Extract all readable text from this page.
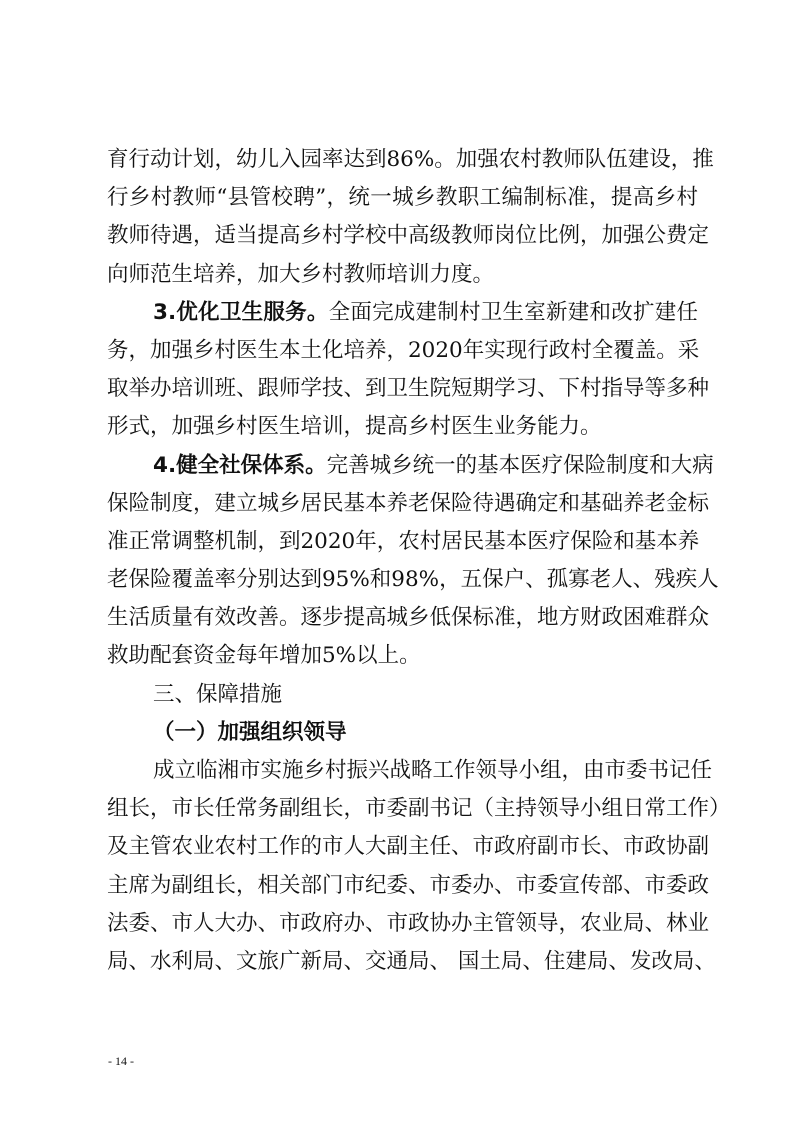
育行动计划，幼儿入园率达到86%。加强农村教师队伍建设，推
行乡村教师“县管校聘”，统一城乡教职工编制标准，提高乡村
教师待遇，适当提高乡村学校中高级教师岗位比例，加强公费定
向师范生培养，加大乡村教师培训力度。
3.优化卫生服务。全面完成建制村卫生室新建和改扩建任
务，加强乡村医生本土化培养，2020年实现行政村全覆盖。采
取举办培训班、跟师学技、到卫生院短期学习、下村指导等多种
形式，加强乡村医生培训，提高乡村医生业务能力。
4.健全社保体系。完善城乡统一的基本医疗保险制度和大病
保险制度，建立城乡居民基本养老保险待遇确定和基础养老金标
准正常调整机制，到2020年，农村居民基本医疗保险和基本养
老保险覆盖率分别达到95%和98%，五保户、孤寡老人、残疾人
生活质量有效改善。逐步提高城乡低保标准，地方财政困难群众
救助配套资金每年增加5%以上。
三、保障措施
（一）加强组织领导
成立临湘市实施乡村振兴战略工作领导小组，由市委书记任
组长，市长任常务副组长，市委副书记（主持领导小组日常工作）
及主管农业农村工作的市人大副主任、市政府副市长、市政协副
主席为副组长，相关部门市纪委、市委办、市委宣传部、市委政
法委、市人大办、市政府办、市政协办主管领导，农业局、林业
局、水利局、文旅广新局、交通局、 国土局、住建局、发改局、
- 14 -
